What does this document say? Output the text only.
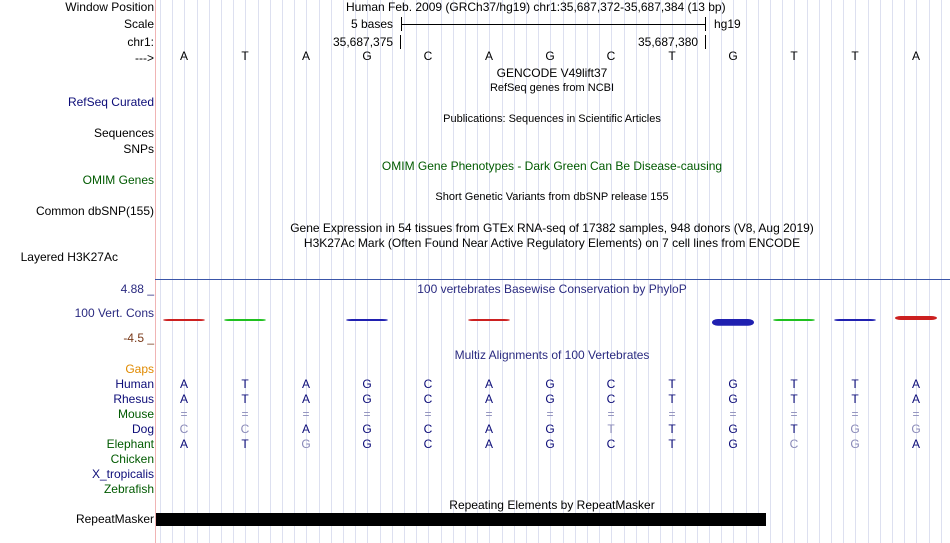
Window Position
Scale
chr1:
--->
Human Feb. 2009 (GRCh37/hg19) chr1:35,687,372-35,687,384 (13 bp)
5 bases	hg19
35,687,375	35,687,380
A	T	A	G	C	A	G	C	T	G	T	T	A
GENCODE V49lift37
RefSeq genes from NCBI
RefSeq Curated
Publications: Sequences in Scientific Articles
Sequences
SNPs
OMIM Gene Phenotypes - Dark Green Can Be Disease-causing
OMIM Genes
Short Genetic Variants from dbSNP release 155
Common dbSNP(155)
Gene Expression in 54 tissues from GTEx RNA-seq of 17382 samples, 948 donors (V8, Aug 2019)
H3K27Ac Mark (Often Found Near Active Regulatory Elements) on 7 cell lines from ENCODE
Layered H3K27Ac
4.88 _	100 vertebrates Basewise Conservation by PhyloP
100 Vert. Cons
-4.5 _
Multiz Alignments of 100 Vertebrates
Gaps
Human	A	T	A	G	C	A	G	C	T	G	T	T	A
Rhesus	A	T	A	G	C	A	G	C	T	G	T	T	A
Mouse	=	=	=	=	=	=	=	=	=	=	=	=	=
Dog	C	C	A	G	C	A	G	T	T	G	T	G	G
Elephant	A	T	G	G	C	A	G	C	T	G	C	G	A
Chicken
X_tropicalis
Zebrafish
Repeating Elements by RepeatMasker
RepeatMasker
